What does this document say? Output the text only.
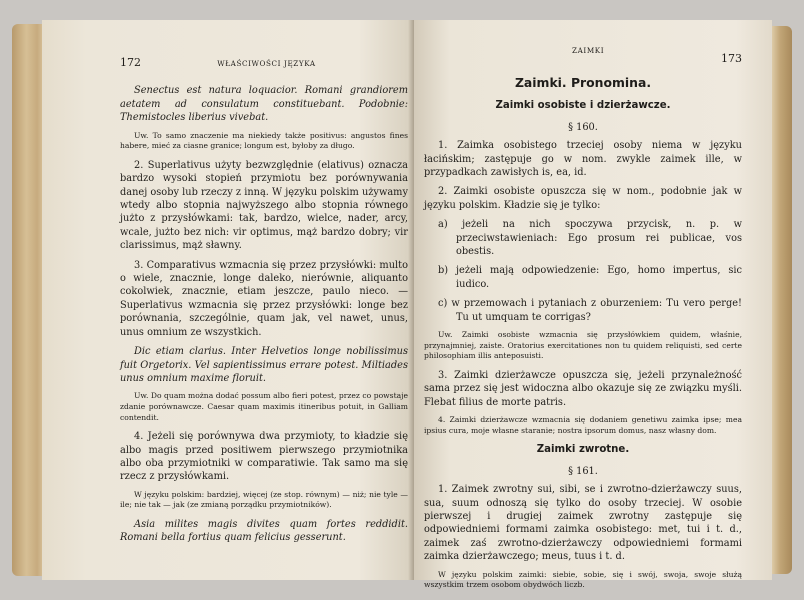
172	WŁAŚCIWOŚCI JĘZYKA

Senectus est natura loquacior. Romani grandiorem aetatem ad consulatum constituebant. Podobnie: Themistocles liberius vivebat.

Uw. To samo znaczenie ma niekiedy także positivus: angustos fines habere, mieć za ciasne granice; longum est, byłoby za długo.

2. Superlativus użyty bezwzględnie (elativus) oznacza bardzo wysoki stopień przymiotu bez porównywania danej osoby lub rzeczy z inną. W języku polskim używamy wtedy albo stopnia najwyższego albo stopnia równego jużto z przysłówkami: tak, bardzo, wielce, nader, arcy, wcale, jużto bez nich: vir optimus, mąż bardzo dobry; vir clarissimus, mąż sławny.

3. Comparativus wzmacnia się przez przysłówki: multo o wiele, znacznie, longe daleko, nierównie, aliquanto cokolwiek, znacznie, etiam jeszcze, paulo nieco. — Superlativus wzmacnia się przez przysłówki: longe bez porównania, szczególnie, quam jak, vel nawet, unus, unus omnium ze wszystkich.

Dic etiam clarius. Inter Helvetios longe nobilissimus fuit Orgetorix. Vel sapientissimus errare potest. Miltiades unus omnium maxime floruit.

Uw. Do quam można dodać possum albo fieri potest, przez co powstaje zdanie porównawcze. Caesar quam maximis itineribus potuit, in Galliam contendit.

4. Jeżeli się porównywa dwa przymioty, to kładzie się albo magis przed positiwem pierwszego przymiotnika albo oba przymiotniki w comparatiwie. Tak samo ma się rzecz z przysłówkami.

W języku polskim: bardziej, więcej (ze stop. równym) — niż; nie tyle — ile; nie tak — jak (ze zmianą porządku przymiotników).

Asia milites magis divites quam fortes reddidit. Romani bella fortius quam felicius gesserunt.

ZAIMKI
173
Zaimki. Pronomina.
Zaimki osobiste i dzierżawcze.
§ 160.

1. Zaimka osobistego trzeciej osoby niema w języku łacińskim; zastępuje go w nom. zwykle zaimek ille, w przypadkach zawisłych is, ea, id.

2. Zaimki osobiste opuszcza się w nom., podobnie jak w języku polskim. Kładzie się je tylko:

a) jeżeli na nich spoczywa przycisk, n. p. w przeciwstawieniach: Ego prosum rei publicae, vos obestis.

b) jeżeli mają odpowiedzenie: Ego, homo impertus, sic iudico.

c) w przemowach i pytaniach z oburzeniem: Tu vero perge! Tu ut umquam te corrigas?

Uw. Zaimki osobiste wzmacnia się przysłówkiem quidem, właśnie, przynajmniej, zaiste. Oratorius exercitationes non tu quidem reliquisti, sed certe philosophiam illis anteposuisti.

3. Zaimki dzierżawcze opuszcza się, jeżeli przynależność sama przez się jest widoczna albo okazuje się ze związku myśli. Flebat filius de morte patris.

4. Zaimki dzierżawcze wzmacnia się dodaniem genetiwu zaimka ipse; mea ipsius cura, moje własne staranie; nostra ipsorum domus, nasz własny dom.

Zaimki zwrotne.
§ 161.

1. Zaimek zwrotny sui, sibi, se i zwrotno-dzierżawczy suus, sua, suum odnoszą się tylko do osoby trzeciej. W osobie pierwszej i drugiej zaimek zwrotny zastępuje się odpowiedniemi formami zaimka osobistego: met, tui i t. d., zaimek zaś zwrotno-dzierżawczy odpowiedniemi formami zaimka dzierżawczego; meus, tuus i t. d.

W języku polskim zaimki: siebie, sobie, się i swój, swoja, swoje służą wszystkim trzem osobom obydwóch liczb.
